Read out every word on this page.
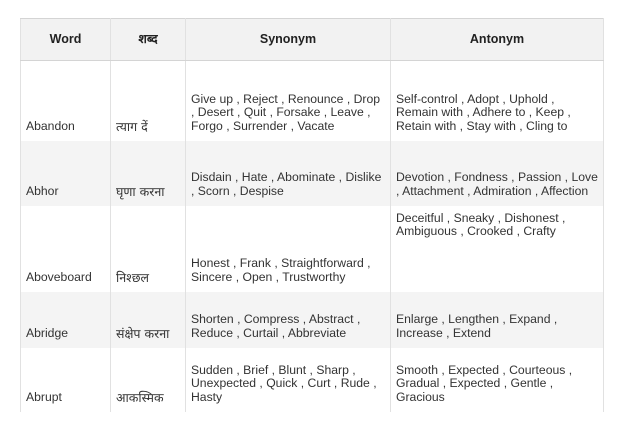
Word	शब्द	Synonym	Antonym
Abandon	त्याग दें	Give up , Reject , Renounce , Drop , Desert , Quit , Forsake , Leave , Forgo , Surrender , Vacate	Self-control , Adopt , Uphold , Remain with , Adhere to , Keep , Retain with , Stay with , Cling to
Abhor	घृणा करना	Disdain , Hate , Abominate , Dislike , Scorn , Despise	Devotion , Fondness , Passion , Love , Attachment , Admiration , Affection
Aboveboard	निश्छल	Honest , Frank , Straightforward , Sincere , Open , Trustworthy	Deceitful , Sneaky , Dishonest , Ambiguous , Crooked , Crafty
Abridge	संक्षेप करना	Shorten , Compress , Abstract , Reduce , Curtail , Abbreviate	Enlarge , Lengthen , Expand , Increase , Extend
Abrupt	आकस्मिक	Sudden , Brief , Blunt , Sharp , Unexpected , Quick , Curt , Rude , Hasty	Smooth , Expected , Courteous , Gradual , Expected , Gentle , Gracious
